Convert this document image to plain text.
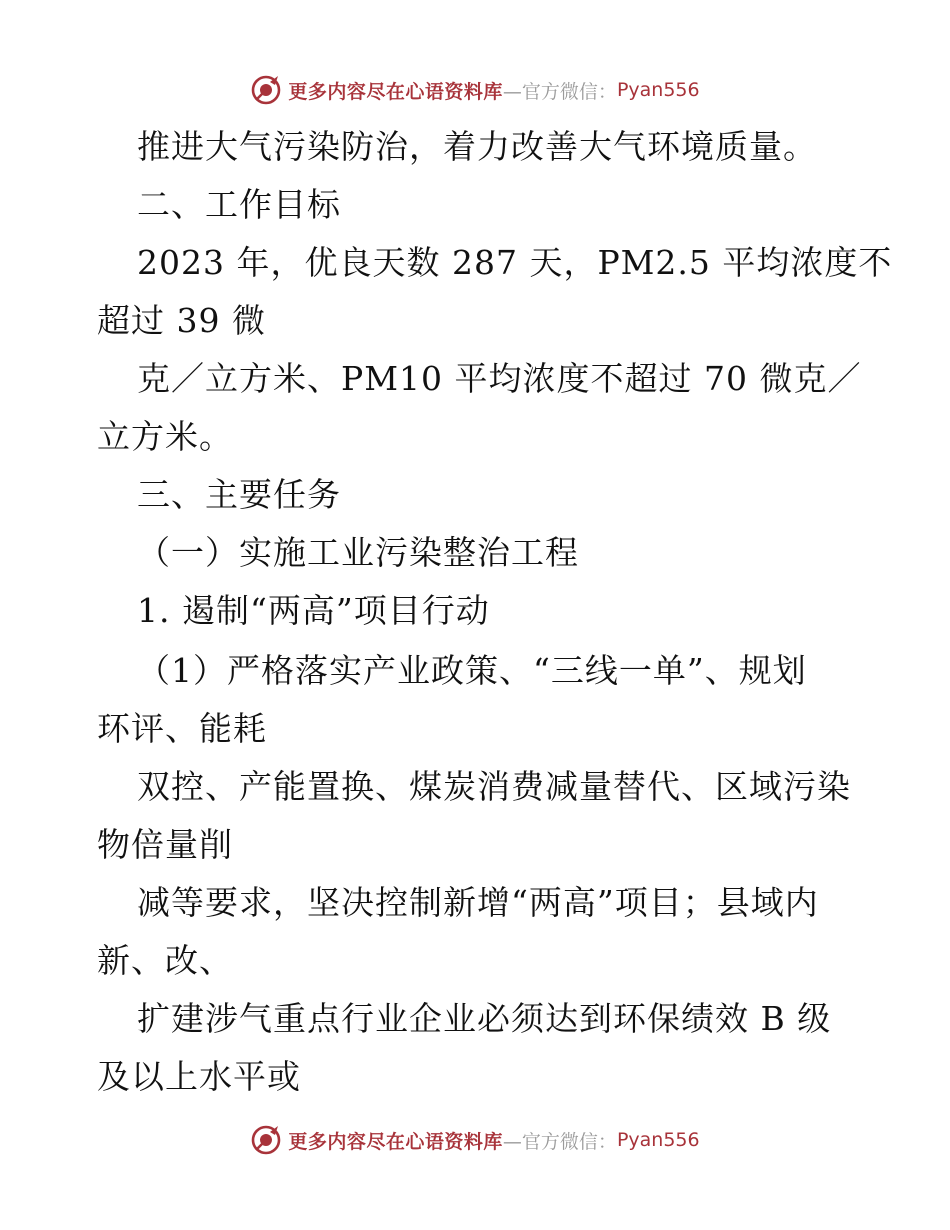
更多内容尽在心语资料库 —官方微信： Pyan556
推进大气污染防治，着力改善大气环境质量。
二、工作目标
2023 年，优良天数 287 天，PM2.5 平均浓度不
超过 39 微
克／立方米、PM10 平均浓度不超过 70 微克／
立方米。
三、主要任务
（一）实施工业污染整治工程
1. 遏制“两高”项目行动
（1）严格落实产业政策、“三线一单”、规划
环评、能耗
双控、产能置换、煤炭消费减量替代、区域污染
物倍量削
减等要求，坚决控制新增“两高”项目；县域内
新、改、
扩建涉气重点行业企业必须达到环保绩效 B 级
及以上水平或
更多内容尽在心语资料库 —官方微信： Pyan556
